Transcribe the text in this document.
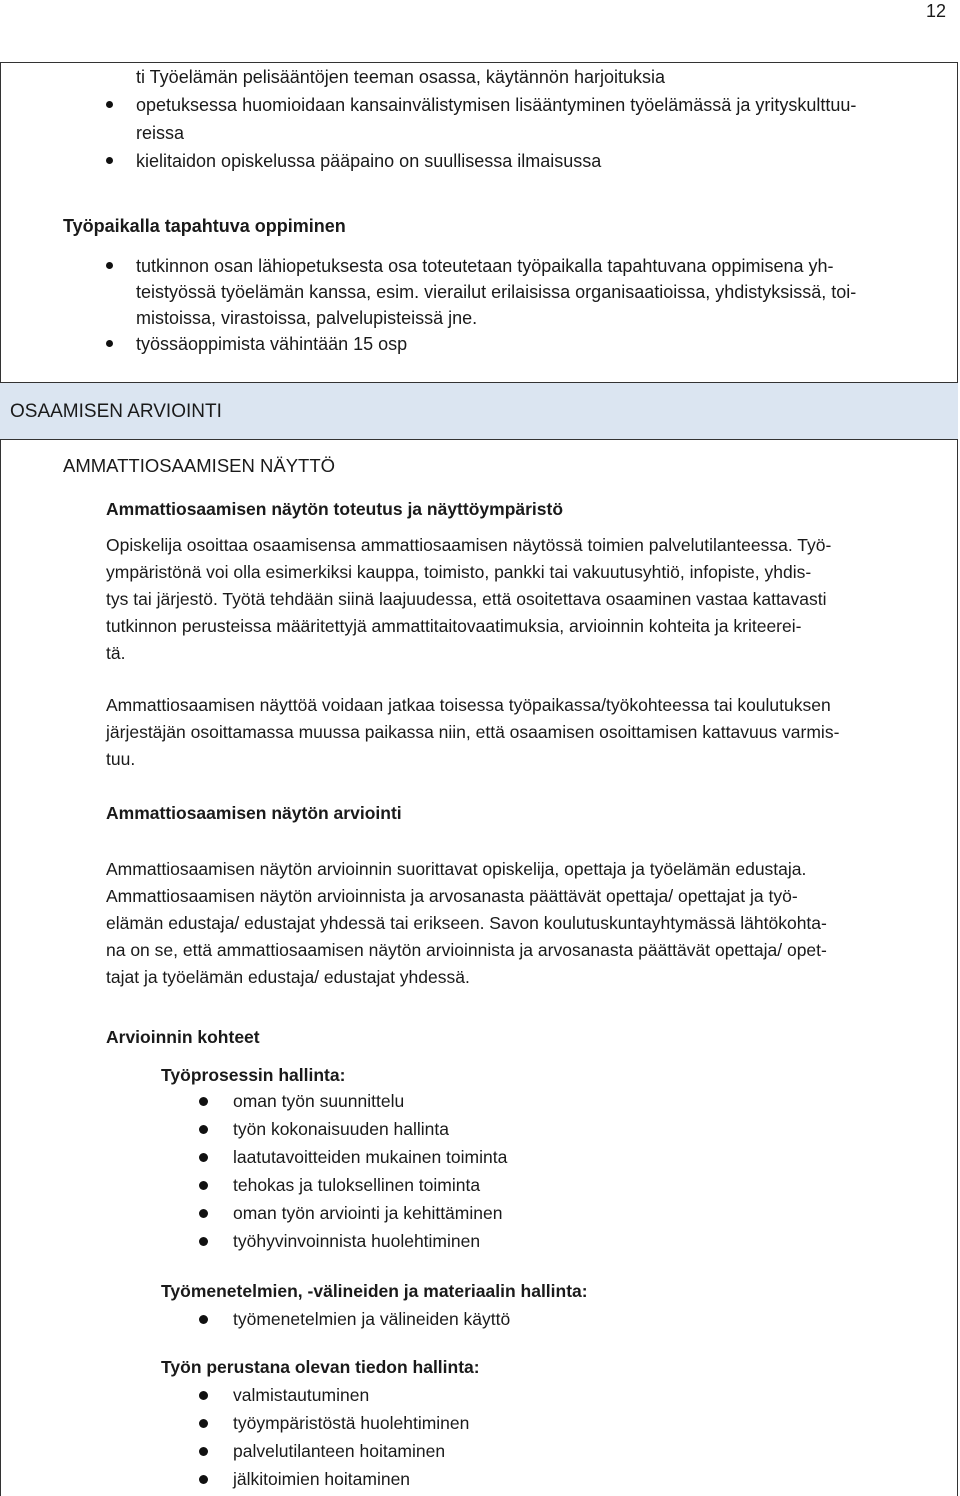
12
ti Työelämän pelisääntöjen teeman osassa, käytännön harjoituksia
opetuksessa huomioidaan kansainvälistymisen lisääntyminen työelämässä ja yrityskulttuu-
reissa
kielitaidon opiskelussa pääpaino on suullisessa ilmaisussa
Työpaikalla tapahtuva oppiminen
tutkinnon osan lähiopetuksesta osa toteutetaan työpaikalla tapahtuvana oppimisena yh-
teistyössä työelämän kanssa, esim. vierailut erilaisissa organisaatioissa, yhdistyksissä, toi-
mistoissa, virastoissa, palvelupisteissä jne.
työssäoppimista vähintään 15 osp
OSAAMISEN ARVIOINTI
AMMATTIOSAAMISEN NÄYTTÖ
Ammattiosaamisen näytön toteutus ja näyttöympäristö
Opiskelija osoittaa osaamisensa ammattiosaamisen näytössä toimien palvelutilanteessa. Työ-
ympäristönä voi olla esimerkiksi kauppa, toimisto, pankki tai vakuutusyhtiö, infopiste, yhdis-
tys tai järjestö. Työtä tehdään siinä laajuudessa, että osoitettava osaaminen vastaa kattavasti
tutkinnon perusteissa määritettyjä ammattitaitovaatimuksia, arvioinnin kohteita ja kriteerei-
tä.
Ammattiosaamisen näyttöä voidaan jatkaa toisessa työpaikassa/työkohteessa tai koulutuksen
järjestäjän osoittamassa muussa paikassa niin, että osaamisen osoittamisen kattavuus varmis-
tuu.
Ammattiosaamisen näytön arviointi
Ammattiosaamisen näytön arvioinnin suorittavat opiskelija, opettaja ja työelämän edustaja.
Ammattiosaamisen näytön arvioinnista ja arvosanasta päättävät opettaja/ opettajat ja työ-
elämän edustaja/ edustajat yhdessä tai erikseen. Savon koulutuskuntayhtymässä lähtökohta-
na on se, että ammattiosaamisen näytön arvioinnista ja arvosanasta päättävät opettaja/ opet-
tajat ja työelämän edustaja/ edustajat yhdessä.
Arvioinnin kohteet
Työprosessin hallinta:
oman työn suunnittelu
työn kokonaisuuden hallinta
laatutavoitteiden mukainen toiminta
tehokas ja tuloksellinen toiminta
oman työn arviointi ja kehittäminen
työhyvinvoinnista huolehtiminen
Työmenetelmien, -välineiden ja materiaalin hallinta:
työmenetelmien ja välineiden käyttö
Työn perustana olevan tiedon hallinta:
valmistautuminen
työympäristöstä huolehtiminen
palvelutilanteen hoitaminen
jälkitoimien hoitaminen
